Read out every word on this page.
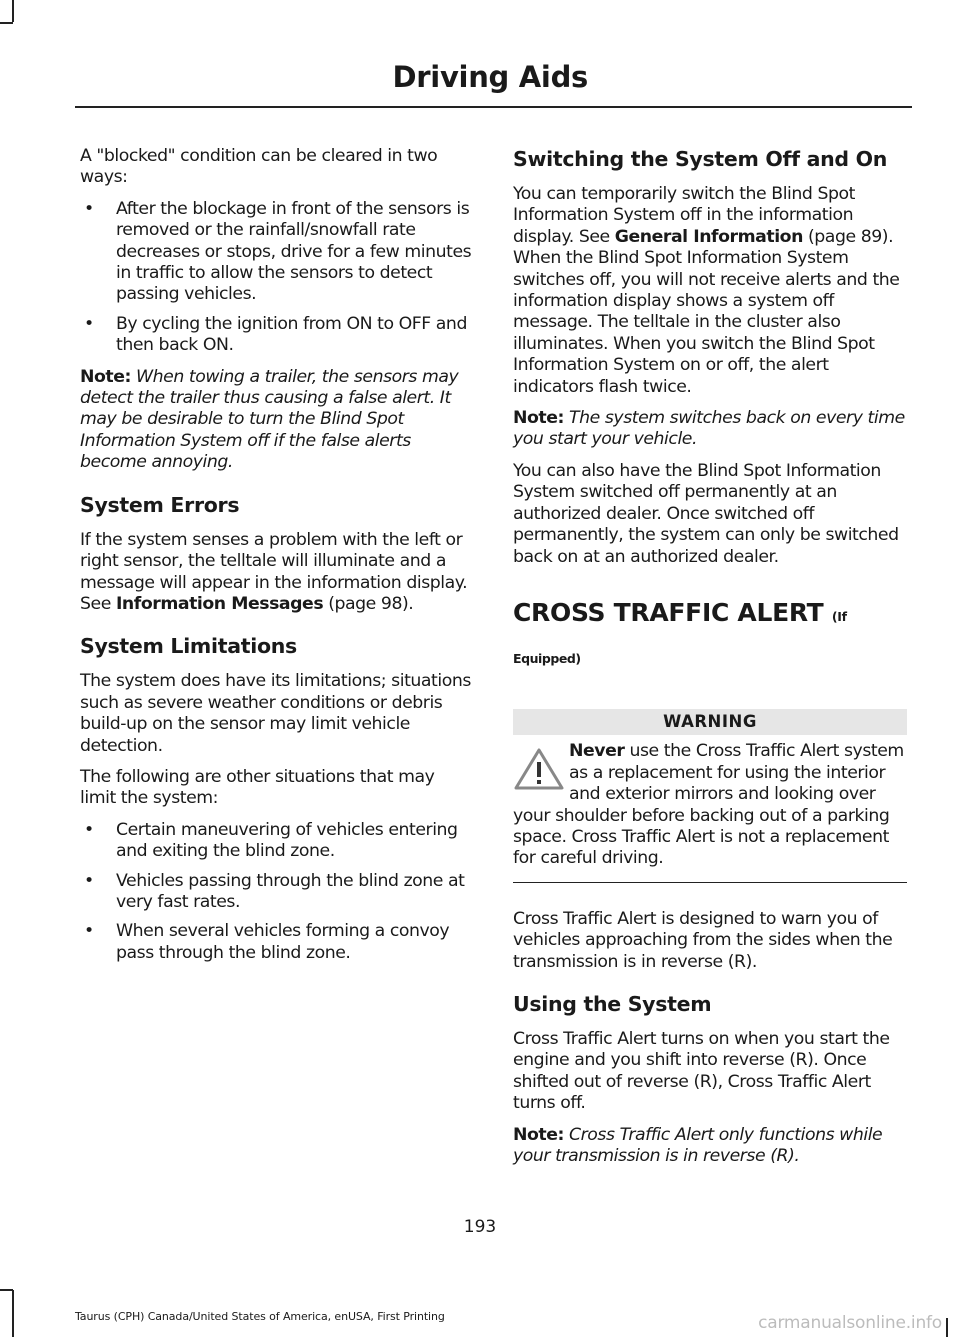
Driving Aids

A "blocked" condition can be cleared in two ways:

• After the blockage in front of the sensors is removed or the rainfall/snowfall rate decreases or stops, drive for a few minutes in traffic to allow the sensors to detect passing vehicles.
• By cycling the ignition from ON to OFF and then back ON.

Note: When towing a trailer, the sensors may detect the trailer thus causing a false alert. It may be desirable to turn the Blind Spot Information System off if the false alerts become annoying.

System Errors

If the system senses a problem with the left or right sensor, the telltale will illuminate and a message will appear in the information display. See Information Messages (page 98).

System Limitations

The system does have its limitations; situations such as severe weather conditions or debris build-up on the sensor may limit vehicle detection.

The following are other situations that may limit the system:

• Certain maneuvering of vehicles entering and exiting the blind zone.
• Vehicles passing through the blind zone at very fast rates.
• When several vehicles forming a convoy pass through the blind zone.
Switching the System Off and On

You can temporarily switch the Blind Spot Information System off in the information display. See General Information (page 89). When the Blind Spot Information System switches off, you will not receive alerts and the information display shows a system off message. The telltale in the cluster also illuminates. When you switch the Blind Spot Information System on or off, the alert indicators flash twice.

Note: The system switches back on every time you start your vehicle.

You can also have the Blind Spot Information System switched off permanently at an authorized dealer. Once switched off permanently, the system can only be switched back on at an authorized dealer.

CROSS TRAFFIC ALERT (If
Equipped)
WARNING
Never use the Cross Traffic Alert system as a replacement for using the interior and exterior mirrors and looking over your shoulder before backing out of a parking space. Cross Traffic Alert is not a replacement for careful driving.

Cross Traffic Alert is designed to warn you of vehicles approaching from the sides when the transmission is in reverse (R).

Using the System

Cross Traffic Alert turns on when you start the engine and you shift into reverse (R). Once shifted out of reverse (R), Cross Traffic Alert turns off.

Note: Cross Traffic Alert only functions while your transmission is in reverse (R).

193
Taurus (CPH) Canada/United States of America, enUSA, First Printing	carmanualsonline.info
